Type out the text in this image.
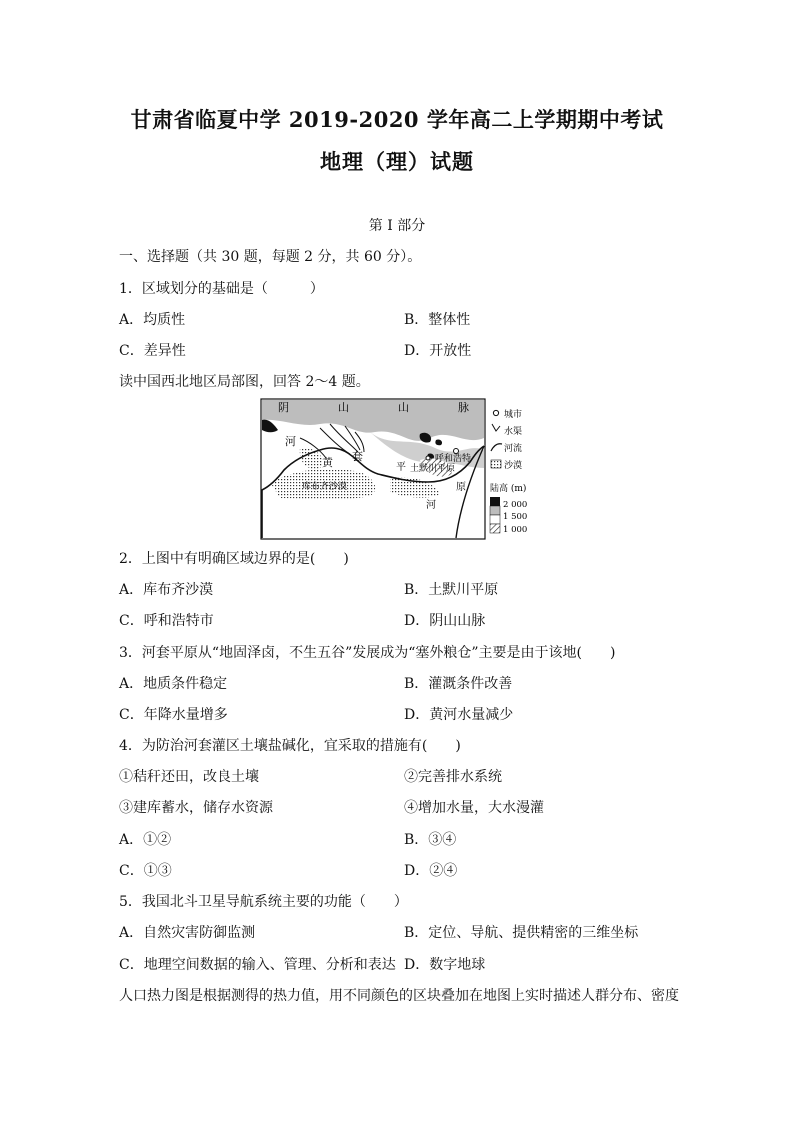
甘肃省临夏中学 2019-2020 学年高二上学期期中考试
地理（理）试题
第 I 部分
一、选择题（共 30 题，每题 2 分，共 60 分）。
1．区域划分的基础是（　　　）
A．均质性	B．整体性
C．差异性	D．开放性
读中国西北地区局部图，回答 2～4 题。
阴	山	山	脉
河
套
黄	平
库布齐沙漠
呼和浩特
土默川平原
原
河
城市
水渠
河流
沙漠
陆高 (m)
2 000
1 500
1 000
2．上图中有明确区域边界的是(　　)
A．库布齐沙漠	B．土默川平原
C．呼和浩特市	D．阴山山脉
3．河套平原从“地固泽卤，不生五谷”发展成为“塞外粮仓”主要是由于该地(　　)
A．地质条件稳定	B．灌溉条件改善
C．年降水量增多	D．黄河水量减少
4．为防治河套灌区土壤盐碱化，宜采取的措施有(　　)
①秸秆还田，改良土壤	②完善排水系统
③建库蓄水，储存水资源	④增加水量，大水漫灌
A．①②	B．③④
C．①③	D．②④
5．我国北斗卫星导航系统主要的功能（　　）
A．自然灾害防御监测	B．定位、导航、提供精密的三维坐标
C．地理空间数据的输入、管理、分析和表达 D．数字地球
人口热力图是根据测得的热力值，用不同颜色的区块叠加在地图上实时描述人群分布、密度
